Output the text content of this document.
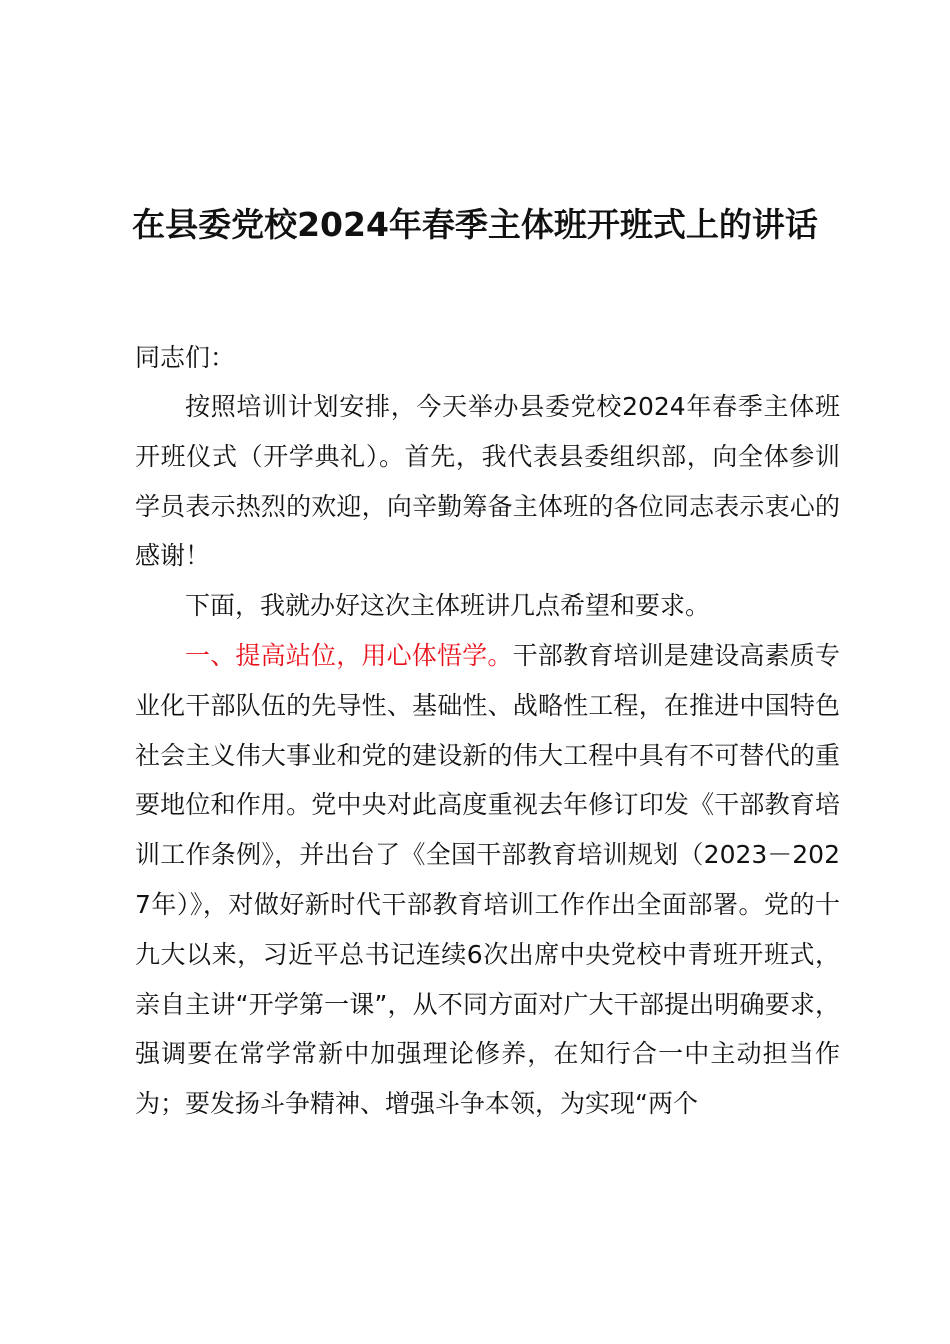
在县委党校2024年春季主体班开班式上的讲话
同志们：

按照培训计划安排，今天举办县委党校2024年春季主体班开班仪式（开学典礼）。首先，我代表县委组织部，向全体参训学员表示热烈的欢迎，向辛勤筹备主体班的各位同志表示衷心的感谢！

下面，我就办好这次主体班讲几点希望和要求。

一、提高站位，用心体悟学。干部教育培训是建设高素质专业化干部队伍的先导性、基础性、战略性工程，在推进中国特色社会主义伟大事业和党的建设新的伟大工程中具有不可替代的重要地位和作用。党中央对此高度重视去年修订印发《干部教育培训工作条例》，并出台了《全国干部教育培训规划（2023－2027年）》，对做好新时代干部教育培训工作作出全面部署。党的十九大以来，习近平总书记连续6次出席中央党校中青班开班式，亲自主讲“开学第一课”，从不同方面对广大干部提出明确要求，强调要在常学常新中加强理论修养，在知行合一中主动担当作为；要发扬斗争精神、增强斗争本领，为实现“两个
